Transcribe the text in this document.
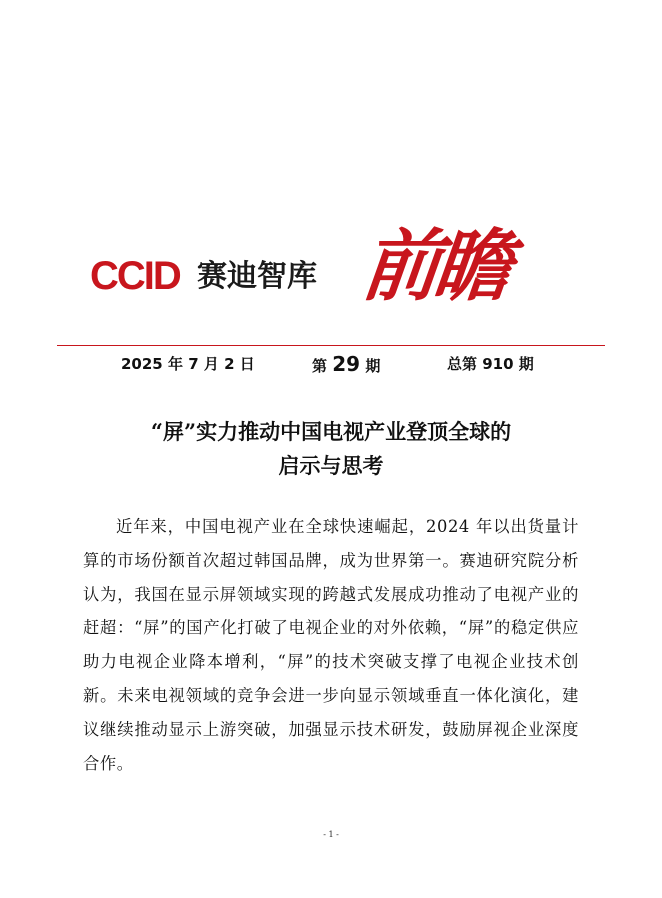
CCID 赛迪智库 前瞻
2025 年 7 月 2 日	第 29 期	总第 910 期
“屏”实力推动中国电视产业登顶全球的
启示与思考
近年来，中国电视产业在全球快速崛起，2024 年以出货量计算的市场份额首次超过韩国品牌，成为世界第一。赛迪研究院分析认为，我国在显示屏领域实现的跨越式发展成功推动了电视产业的赶超：“屏”的国产化打破了电视企业的对外依赖，“屏”的稳定供应助力电视企业降本增利，“屏”的技术突破支撑了电视企业技术创新。未来电视领域的竞争会进一步向显示领域垂直一体化演化，建议继续推动显示上游突破，加强显示技术研发，鼓励屏视企业深度合作。
- 1 -
